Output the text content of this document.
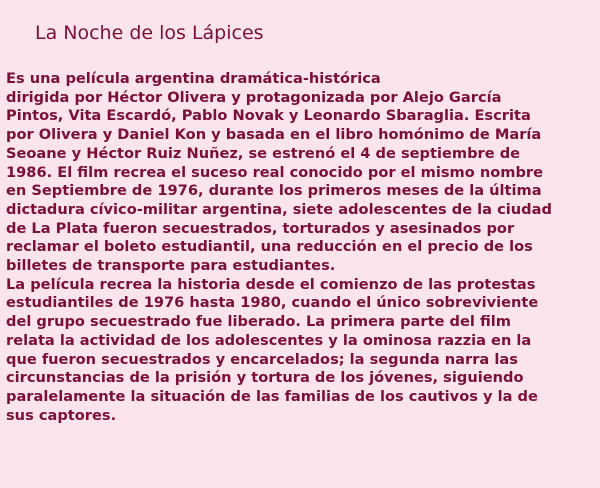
La Noche de los Lápices
Es una película argentina dramática-histórica
dirigida por Héctor Olivera y protagonizada por Alejo García
Pintos, Vita Escardó, Pablo Novak y Leonardo Sbaraglia. Escrita
por Olivera y Daniel Kon y basada en el libro homónimo de María
Seoane y Héctor Ruiz Nuñez, se estrenó el 4 de septiembre de
1986. El film recrea el suceso real conocido por el mismo nombre
en Septiembre de 1976, durante los primeros meses de la última
dictadura cívico-militar argentina, siete adolescentes de la ciudad
de La Plata fueron secuestrados, torturados y asesinados por
reclamar el boleto estudiantil, una reducción en el precio de los
billetes de transporte para estudiantes.
La película recrea la historia desde el comienzo de las protestas
estudiantiles de 1976 hasta 1980, cuando el único sobreviviente
del grupo secuestrado fue liberado. La primera parte del film
relata la actividad de los adolescentes y la ominosa razzia en la
que fueron secuestrados y encarcelados; la segunda narra las
circunstancias de la prisión y tortura de los jóvenes, siguiendo
paralelamente la situación de las familias de los cautivos y la de
sus captores.
